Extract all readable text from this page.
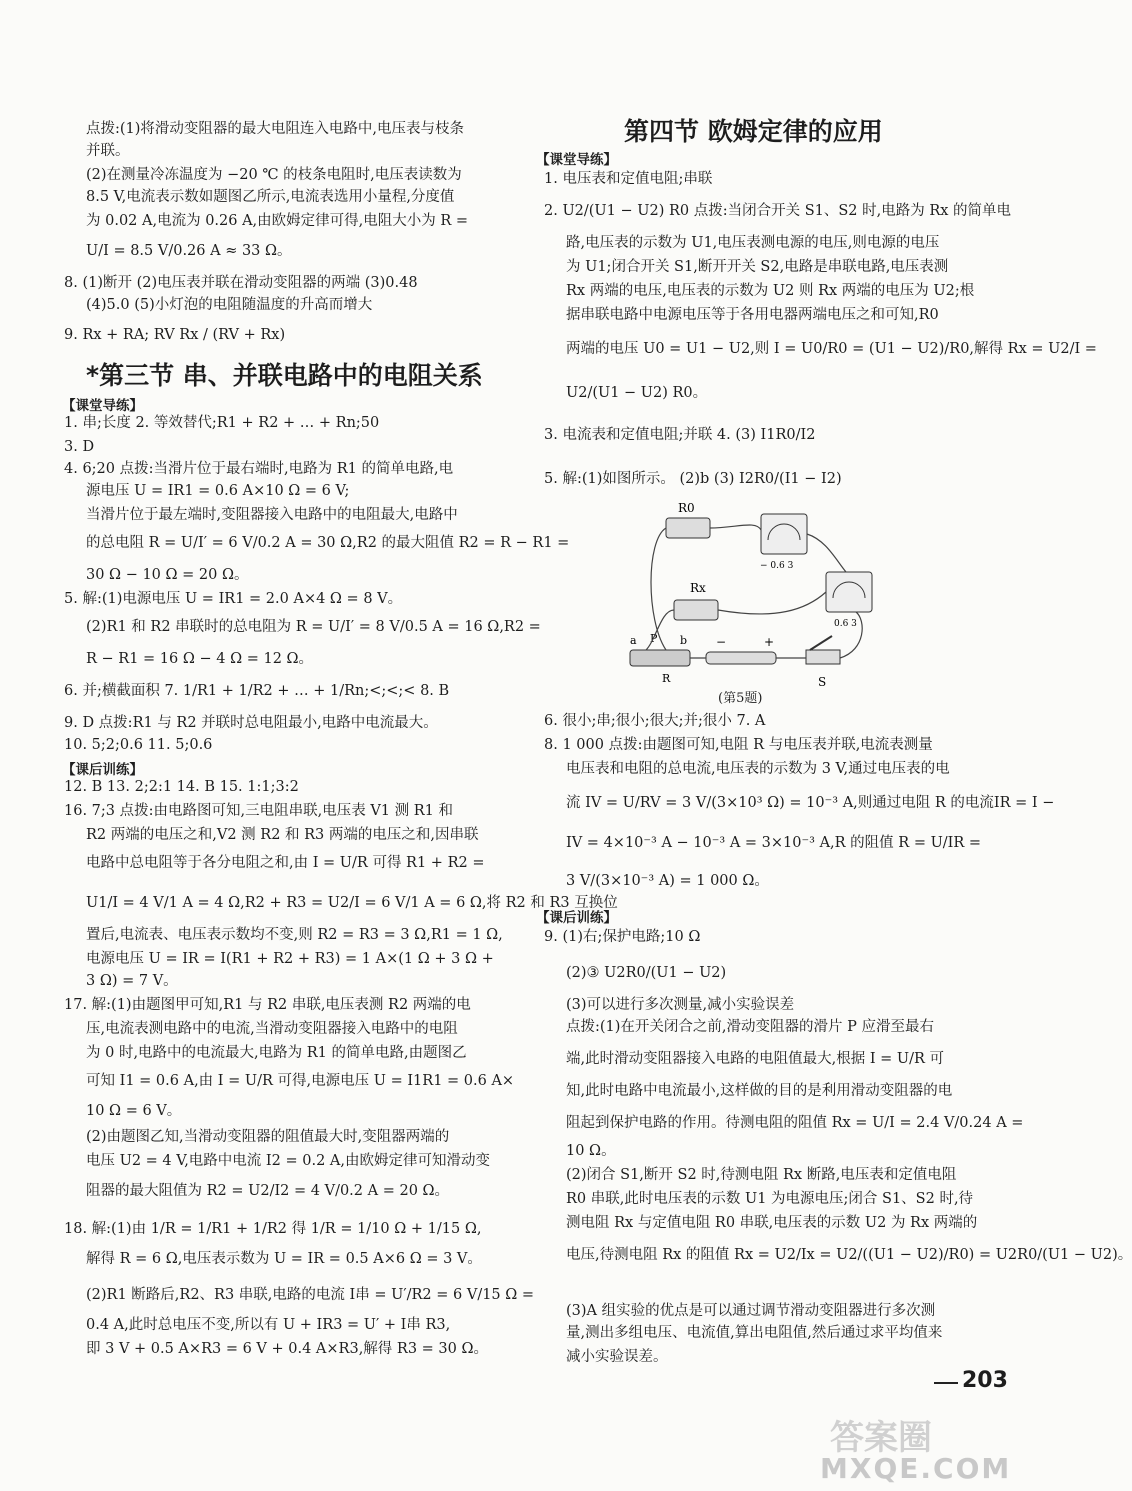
点拨:(1)将滑动变阻器的最大电阻连入电路中,电压表与枝条
并联。
(2)在测量冷冻温度为 −20 ℃ 的枝条电阻时,电压表读数为
8.5 V,电流表示数如题图乙所示,电流表选用小量程,分度值
为 0.02 A,电流为 0.26 A,由欧姆定律可得,电阻大小为 R =
U/I = 8.5 V/0.26 A ≈ 33 Ω。
8. (1)断开 (2)电压表并联在滑动变阻器的两端 (3)0.48
(4)5.0 (5)小灯泡的电阻随温度的升高而增大
9. Rx + RA; RV Rx / (RV + Rx)
*第三节 串、并联电路中的电阻关系
【课堂导练】
1. 串;长度 2. 等效替代;R1 + R2 + … + Rn;50
3. D
4. 6;20 点拨:当滑片位于最右端时,电路为 R1 的简单电路,电
源电压 U = IR1 = 0.6 A×10 Ω = 6 V;
当滑片位于最左端时,变阻器接入电路中的电阻最大,电路中
的总电阻 R = U/I′ = 6 V/0.2 A = 30 Ω,R2 的最大阻值 R2 = R − R1 =
30 Ω − 10 Ω = 20 Ω。
5. 解:(1)电源电压 U = IR1 = 2.0 A×4 Ω = 8 V。
(2)R1 和 R2 串联时的总电阻为 R = U/I′ = 8 V/0.5 A = 16 Ω,R2 =
R − R1 = 16 Ω − 4 Ω = 12 Ω。
6. 并;横截面积 7. 1/R1 + 1/R2 + … + 1/Rn;<;<;< 8. B
9. D 点拨:R1 与 R2 并联时总电阻最小,电路中电流最大。
10. 5;2;0.6 11. 5;0.6
【课后训练】
12. B 13. 2;2:1 14. B 15. 1:1;3:2
16. 7;3 点拨:由电路图可知,三电阻串联,电压表 V1 测 R1 和
R2 两端的电压之和,V2 测 R2 和 R3 两端的电压之和,因串联
电路中总电阻等于各分电阻之和,由 I = U/R 可得 R1 + R2 =
U1/I = 4 V/1 A = 4 Ω,R2 + R3 = U2/I = 6 V/1 A = 6 Ω,将 R2 和 R3 互换位
置后,电流表、电压表示数均不变,则 R2 = R3 = 3 Ω,R1 = 1 Ω,
电源电压 U = IR = I(R1 + R2 + R3) = 1 A×(1 Ω + 3 Ω +
3 Ω) = 7 V。
17. 解:(1)由题图甲可知,R1 与 R2 串联,电压表测 R2 两端的电
压,电流表测电路中的电流,当滑动变阻器接入电路中的电阻
为 0 时,电路中的电流最大,电路为 R1 的简单电路,由题图乙
可知 I1 = 0.6 A,由 I = U/R 可得,电源电压 U = I1R1 = 0.6 A×
10 Ω = 6 V。
(2)由题图乙知,当滑动变阻器的阻值最大时,变阻器两端的
电压 U2 = 4 V,电路中电流 I2 = 0.2 A,由欧姆定律可知滑动变
阻器的最大阻值为 R2 = U2/I2 = 4 V/0.2 A = 20 Ω。
18. 解:(1)由 1/R = 1/R1 + 1/R2 得 1/R = 1/10 Ω + 1/15 Ω,
解得 R = 6 Ω,电压表示数为 U = IR = 0.5 A×6 Ω = 3 V。
(2)R1 断路后,R2、R3 串联,电路的电流 I串 = U′/R2 = 6 V/15 Ω =
0.4 A,此时总电压不变,所以有 U + IR3 = U′ + I串 R3,
即 3 V + 0.5 A×R3 = 6 V + 0.4 A×R3,解得 R3 = 30 Ω。
第四节 欧姆定律的应用
【课堂导练】
1. 电压表和定值电阻;串联
2. U2/(U1 − U2) R0 点拨:当闭合开关 S1、S2 时,电路为 Rx 的简单电
路,电压表的示数为 U1,电压表测电源的电压,则电源的电压
为 U1;闭合开关 S1,断开开关 S2,电路是串联电路,电压表测
Rx 两端的电压,电压表的示数为 U2 则 Rx 两端的电压为 U2;根
据串联电路中电源电压等于各用电器两端电压之和可知,R0
两端的电压 U0 = U1 − U2,则 I = U0/R0 = (U1 − U2)/R0,解得 Rx = U2/I =
U2/(U1 − U2) R0。
3. 电流表和定值电阻;并联 4. (3) I1R0/I2
5. 解:(1)如图所示。 (2)b (3) I2R0/(I1 − I2)
R0
Rx
− 0.6 3
0.6 3
a P b
R
−	+
S
(第5题)
6. 很小;串;很小;很大;并;很小 7. A
8. 1 000 点拨:由题图可知,电阻 R 与电压表并联,电流表测量
电压表和电阻的总电流,电压表的示数为 3 V,通过电压表的电
流 IV = U/RV = 3 V/(3×10³ Ω) = 10⁻³ A,则通过电阻 R 的电流IR = I −
IV = 4×10⁻³ A − 10⁻³ A = 3×10⁻³ A,R 的阻值 R = U/IR =
3 V/(3×10⁻³ A) = 1 000 Ω。
【课后训练】
9. (1)右;保护电路;10 Ω
(2)③ U2R0/(U1 − U2)
(3)可以进行多次测量,减小实验误差
点拨:(1)在开关闭合之前,滑动变阻器的滑片 P 应滑至最右
端,此时滑动变阻器接入电路的电阻值最大,根据 I = U/R 可
知,此时电路中电流最小,这样做的目的是利用滑动变阻器的电
阻起到保护电路的作用。待测电阻的阻值 Rx = U/I = 2.4 V/0.24 A =
10 Ω。
(2)闭合 S1,断开 S2 时,待测电阻 Rx 断路,电压表和定值电阻
R0 串联,此时电压表的示数 U1 为电源电压;闭合 S1、S2 时,待
测电阻 Rx 与定值电阻 R0 串联,电压表的示数 U2 为 Rx 两端的
电压,待测电阻 Rx 的阻值 Rx = U2/Ix = U2/((U1 − U2)/R0) = U2R0/(U1 − U2)。
(3)A 组实验的优点是可以通过调节滑动变阻器进行多次测
量,测出多组电压、电流值,算出电阻值,然后通过求平均值来
减小实验误差。
203
答案圈
MXQE.COM
